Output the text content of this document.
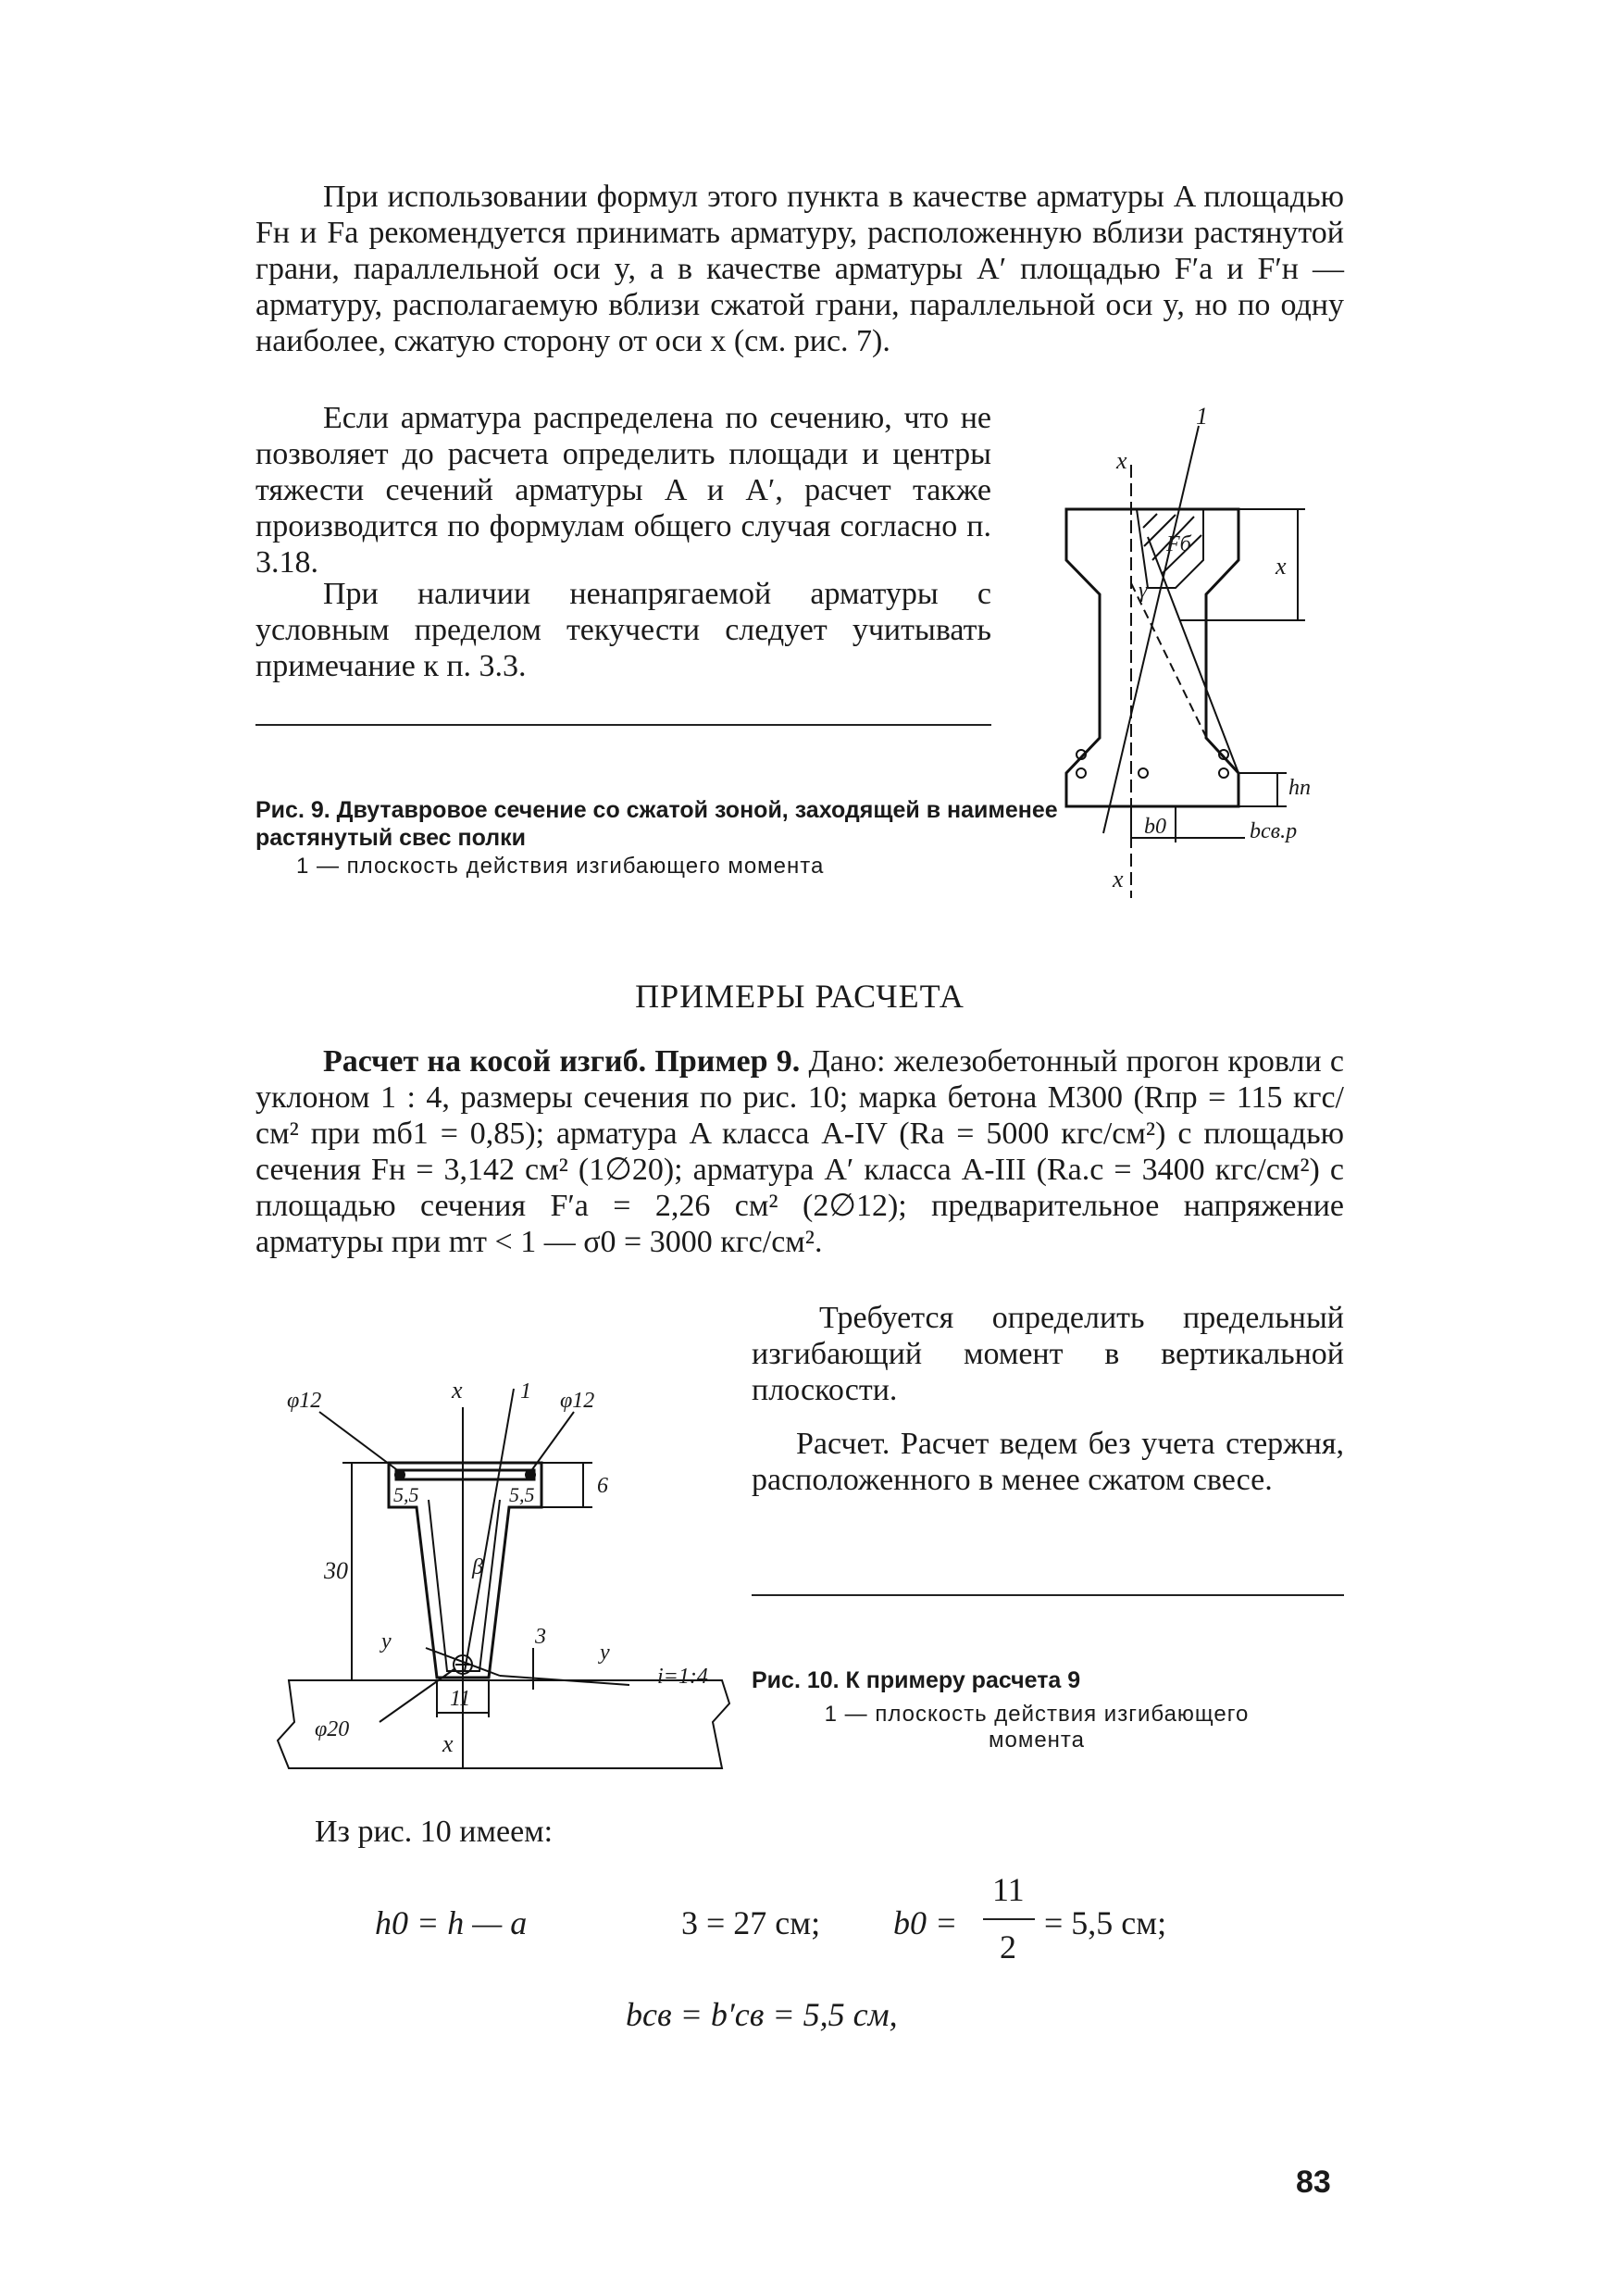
При использовании формул этого пункта в качестве арматуры A площадью Fн и Fа рекомендуется принимать арматуру, расположенную вблизи растянутой грани, параллельной оси y, а в качестве арматуры A′ площадью F′а и F′н — арматуру, располагаемую вблизи сжатой грани, параллельной оси y, но по одну наиболее, сжатую сторону от оси x (см. рис. 7).
Если арматура распределена по сечению, что не позволяет до расчета определить площади и центры тяжести сечений арматуры A и A′, расчет также производится по формулам общего случая согласно п. 3.18.
При наличии ненапрягаемой арматуры с условным пределом текучести следует учитывать примечание к п. 3.3.
Рис. 9. Двутавровое сечение со сжатой зоной, заходящей в наименее растянутый свес полки
1 — плоскость действия изгибающего момента
1
x
Fб
x
γ
hп
b0	bсв.р
x
ПРИМЕРЫ РАСЧЕТА
Расчет на косой изгиб. Пример 9. Дано: железобетонный прогон кровли с уклоном 1 : 4, размеры сечения по рис. 10; марка бетона М300 (Rпр = 115 кгс/см² при mб1 = 0,85); арматура A класса A-IV (Rа = 5000 кгс/см²) с площадью сечения Fн = 3,142 см² (1∅20); арматура A′ класса A-III (Rа.с = 3400 кгс/см²) с площадью сечения F′а = 2,26 см² (2∅12); предварительное напряжение арматуры при mт < 1 — σ0 = 3000 кгс/см².
Требуется определить предельный изгибающий момент в вертикальной плоскости.
Расчет. Расчет ведем без учета стержня, расположенного в менее сжатом свесе.
Рис. 10. К примеру расчета 9
1 — плоскость действия изгибающего момента
φ12	x	1 φ12
6
5,5	5,5
30	β
3
y	y
i=1:4
φ20
11
x
Из рис. 10 имеем:
h0 = h — a	3 = 27 см; b0 =
11
2
= 5,5 см;
bсв = b′св = 5,5 см,
83
